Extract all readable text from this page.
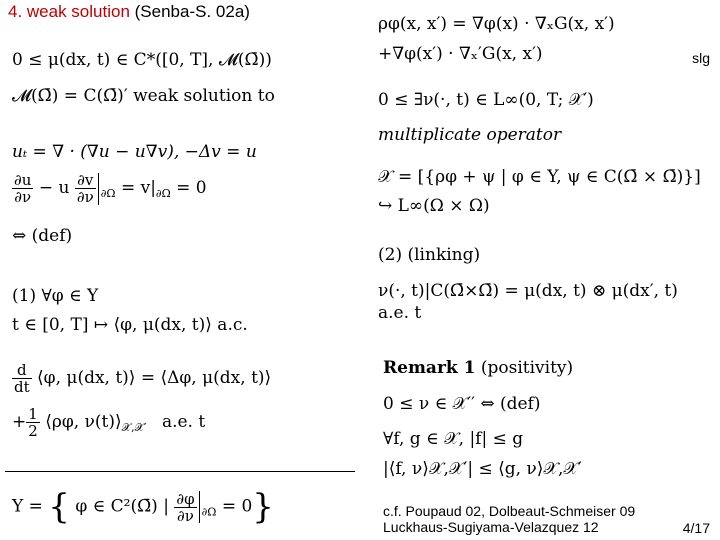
4. weak solution (Senba-S. 02a)
slg
0 ≤ μ(dx, t) ∈ C*([0, T], 𝓜(Ω̄))
𝓜(Ω̄) = C(Ω̄)′ weak solution to
uₜ = ∇ · (∇u − u∇v), −Δv = u
$\frac{\partial u}{\partial\nu} - u \frac{\partial v}{\partial\nu} _{\partial\Omega} = v|_{\partial\Omega} = 0$
⇔ (def)
(1) ∀φ ∈ Y
t ∈ [0, T] ↦ ⟨φ, μ(dx, t)⟩ a.c.
$\frac{d}{dt}$ ⟨φ, μ(dx, t)⟩ = ⟨Δφ, μ(dx, t)⟩
+ $\frac{1}{2}$ ⟨ρφ, $\nu(t)⟩_{𝒳,𝒳'}$ a.e. t
Y = { φ ∈ C²(Ω̄) | $\frac{\partial\varphi}{\partial\nu} _{\partial\Omega} = 0$}
ρφ(x, x′) = ∇φ(x) · ∇ₓG(x, x′)
+∇φ(x′) · ∇ₓ′G(x, x′)
0 ≤ ∃ν(·, t) ∈ L∞(0, T; 𝒳′)
multiplicate operator
𝒳 = [{ρφ + ψ | φ ∈ Y, ψ ∈ C(Ω̄ × Ω̄)}]
↪ L∞(Ω × Ω)
(2) (linking)
ν(·, t)|C(Ω̄×Ω̄) = μ(dx, t) ⊗ μ(dx′, t)
a.e. t
Remark 1 (positivity)
0 ≤ ν ∈ 𝒳′′ ⇔ (def)
∀f, g ∈ 𝒳, |f| ≤ g
|⟨f, ν⟩𝒳,𝒳′| ≤ ⟨g, ν⟩𝒳,𝒳′
c.f. Poupaud 02, Dolbeaut-Schmeiser 09
Luckhaus-Sugiyama-Velazquez 12	4/17
